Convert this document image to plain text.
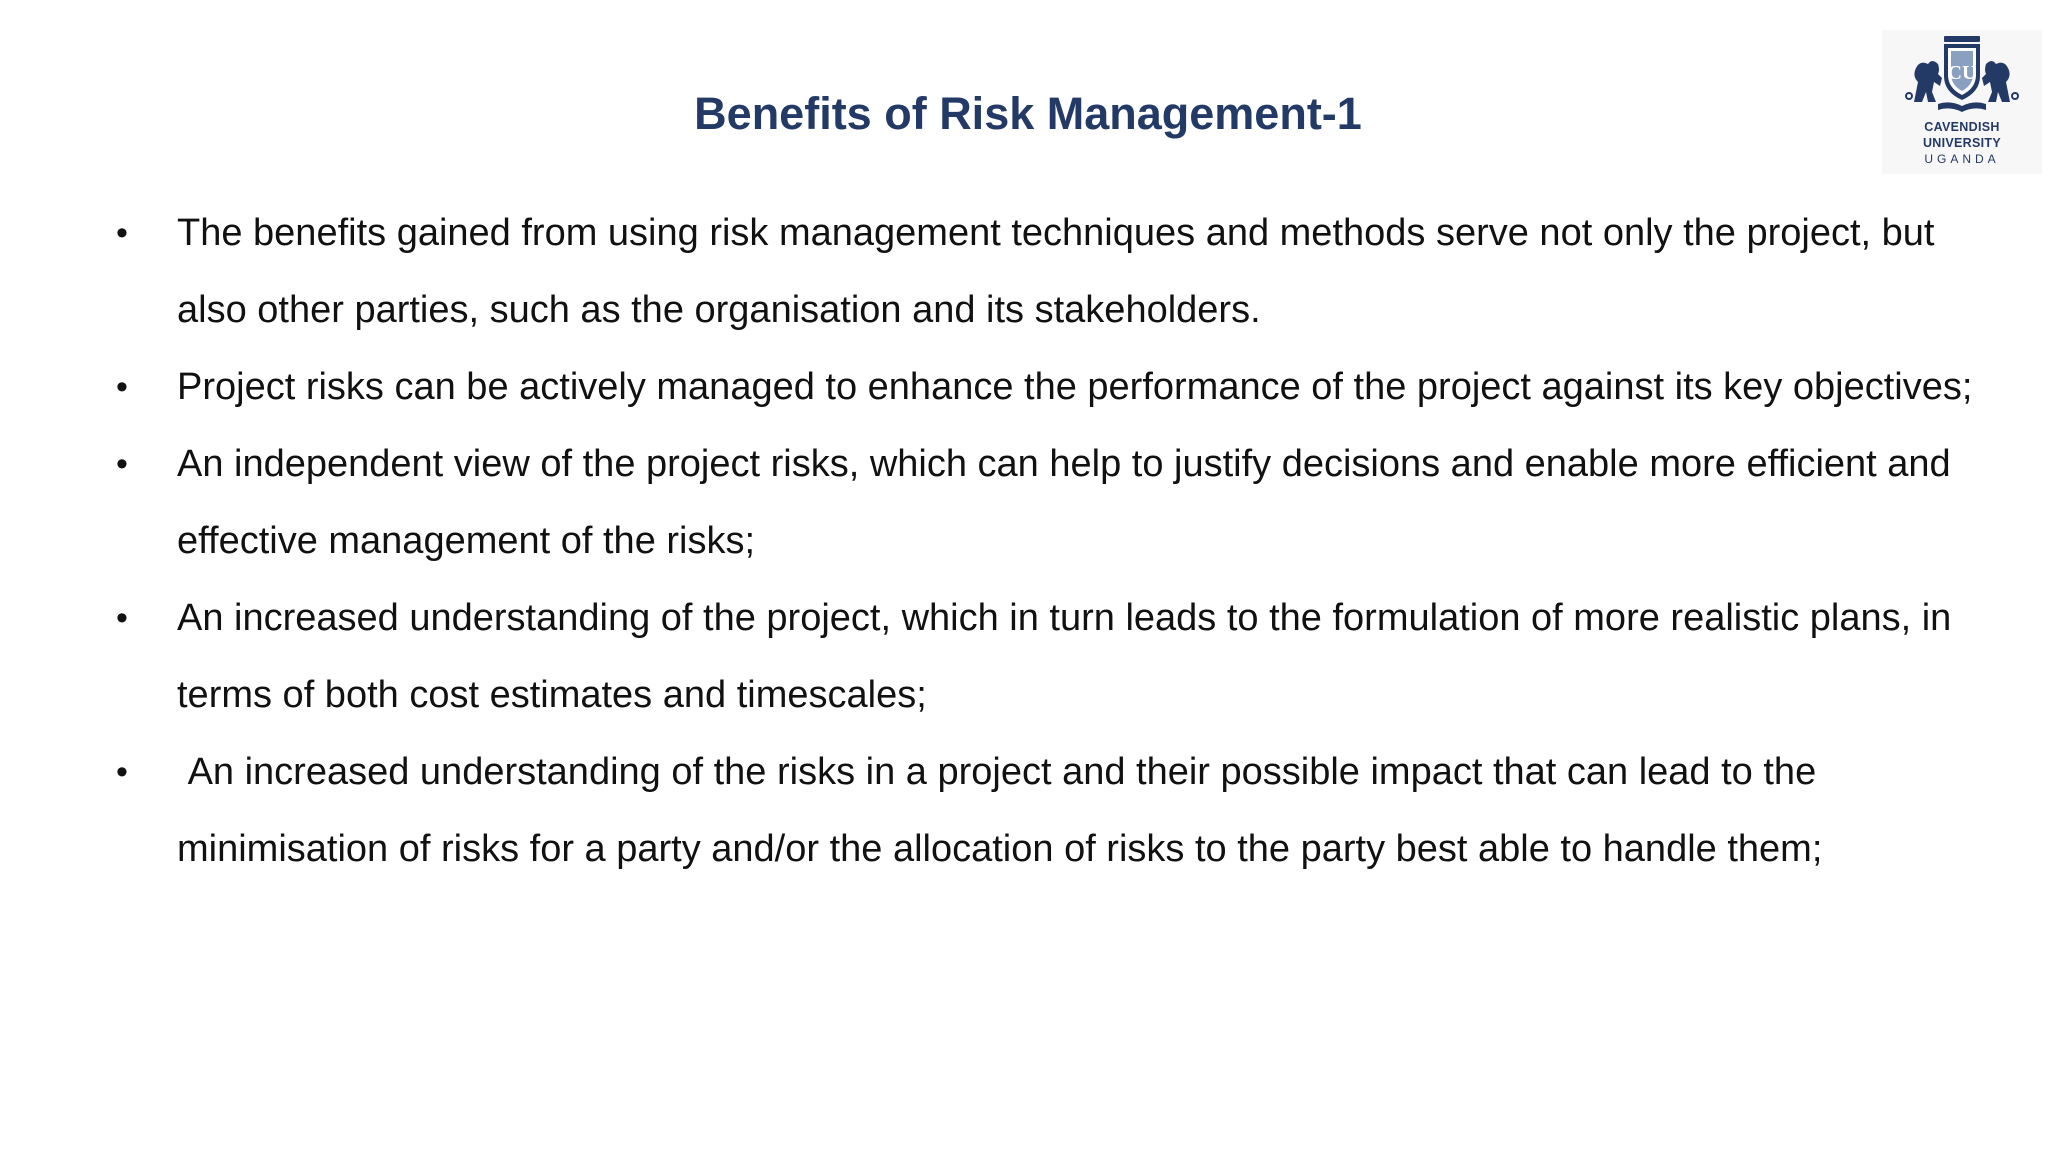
Benefits of Risk Management-1
CU
CAVENDISH
UNIVERSITY
UGANDA
• The benefits gained from using risk management techniques and methods serve not only the project, but also other parties, such as the organisation and its stakeholders.
• Project risks can be actively managed to enhance the performance of the project against its key objectives;
• An independent view of the project risks, which can help to justify decisions and enable more efficient and effective management of the risks;
• An increased understanding of the project, which in turn leads to the formulation of more realistic plans, in terms of both cost estimates and timescales;
• An increased understanding of the risks in a project and their possible impact that can lead to the minimisation of risks for a party and/or the allocation of risks to the party best able to handle them;
